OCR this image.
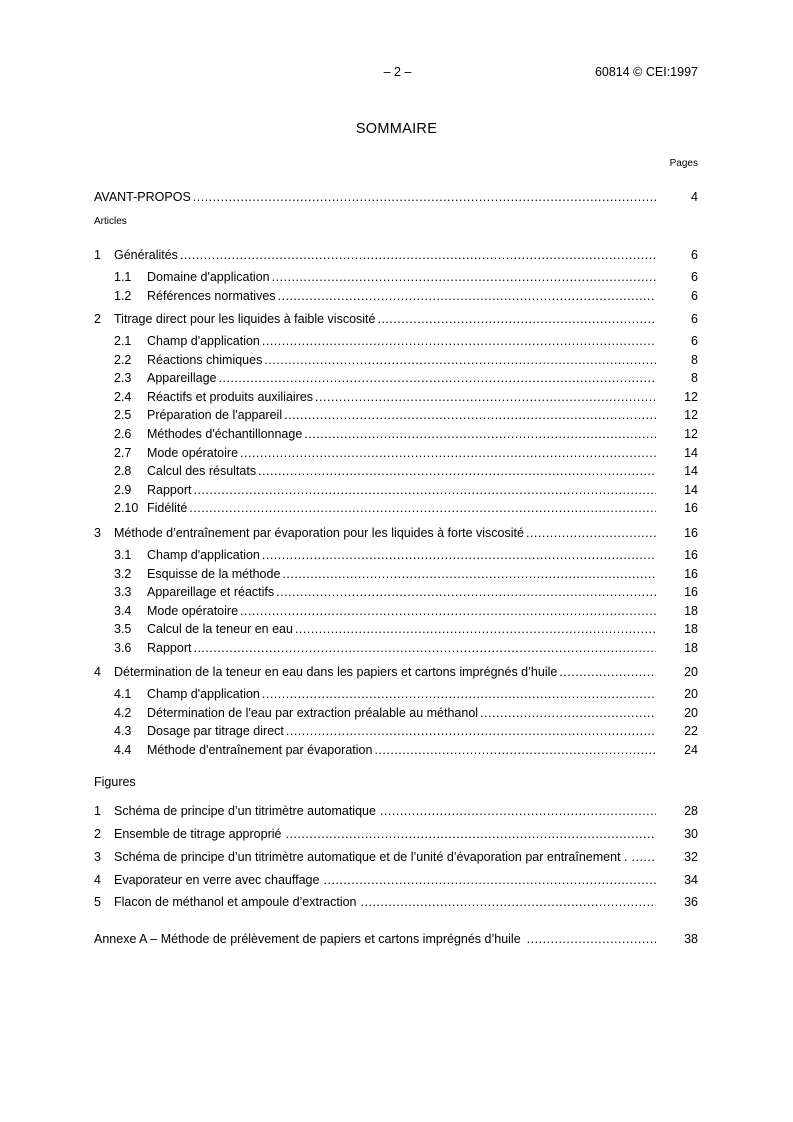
– 2 –	60814 © CEI:1997
SOMMAIRE
Pages
AVANT-PROPOS .....	4
Articles
1	Généralités .....	6
1.1	Domaine d'application .....	6
1.2	Références normatives .....	6
2	Titrage direct pour les liquides à faible viscosité .....	6
2.1	Champ d'application .....	6
2.2	Réactions chimiques .....	8
2.3	Appareillage .....	8
2.4	Réactifs et produits auxiliaires .....	12
2.5	Préparation de l'appareil .....	12
2.6	Méthodes d'échantillonnage .....	12
2.7	Mode opératoire .....	14
2.8	Calcul des résultats .....	14
2.9	Rapport .....	14
2.10 Fidélité .....	16
3	Méthode d’entraînement par évaporation pour les liquides à forte viscosité .....	16
3.1	Champ d'application .....	16
3.2	Esquisse de la méthode .....	16
3.3	Appareillage et réactifs .....	16
3.4	Mode opératoire .....	18
3.5	Calcul de la teneur en eau .....	18
3.6	Rapport .....	18
4	Détermination de la teneur en eau dans les papiers et cartons imprégnés d’huile .....	20
4.1	Champ d'application .....	20
4.2	Détermination de l'eau par extraction préalable au méthanol .....	20
4.3	Dosage par titrage direct .....	22
4.4	Méthode d'entraînement par évaporation .....	24
Figures
1	Schéma de principe d’un titrimètre automatique .....	28
2	Ensemble de titrage approprié .....	30
3	Schéma de principe d’un titrimètre automatique et de l’unité d’évaporation par entraînement . .....	32
4	Evaporateur en verre avec chauffage .....	34
5	Flacon de méthanol et ampoule d’extraction .....	36
Annexe A – Méthode de prélèvement de papiers et cartons imprégnés d’huile .....	38
